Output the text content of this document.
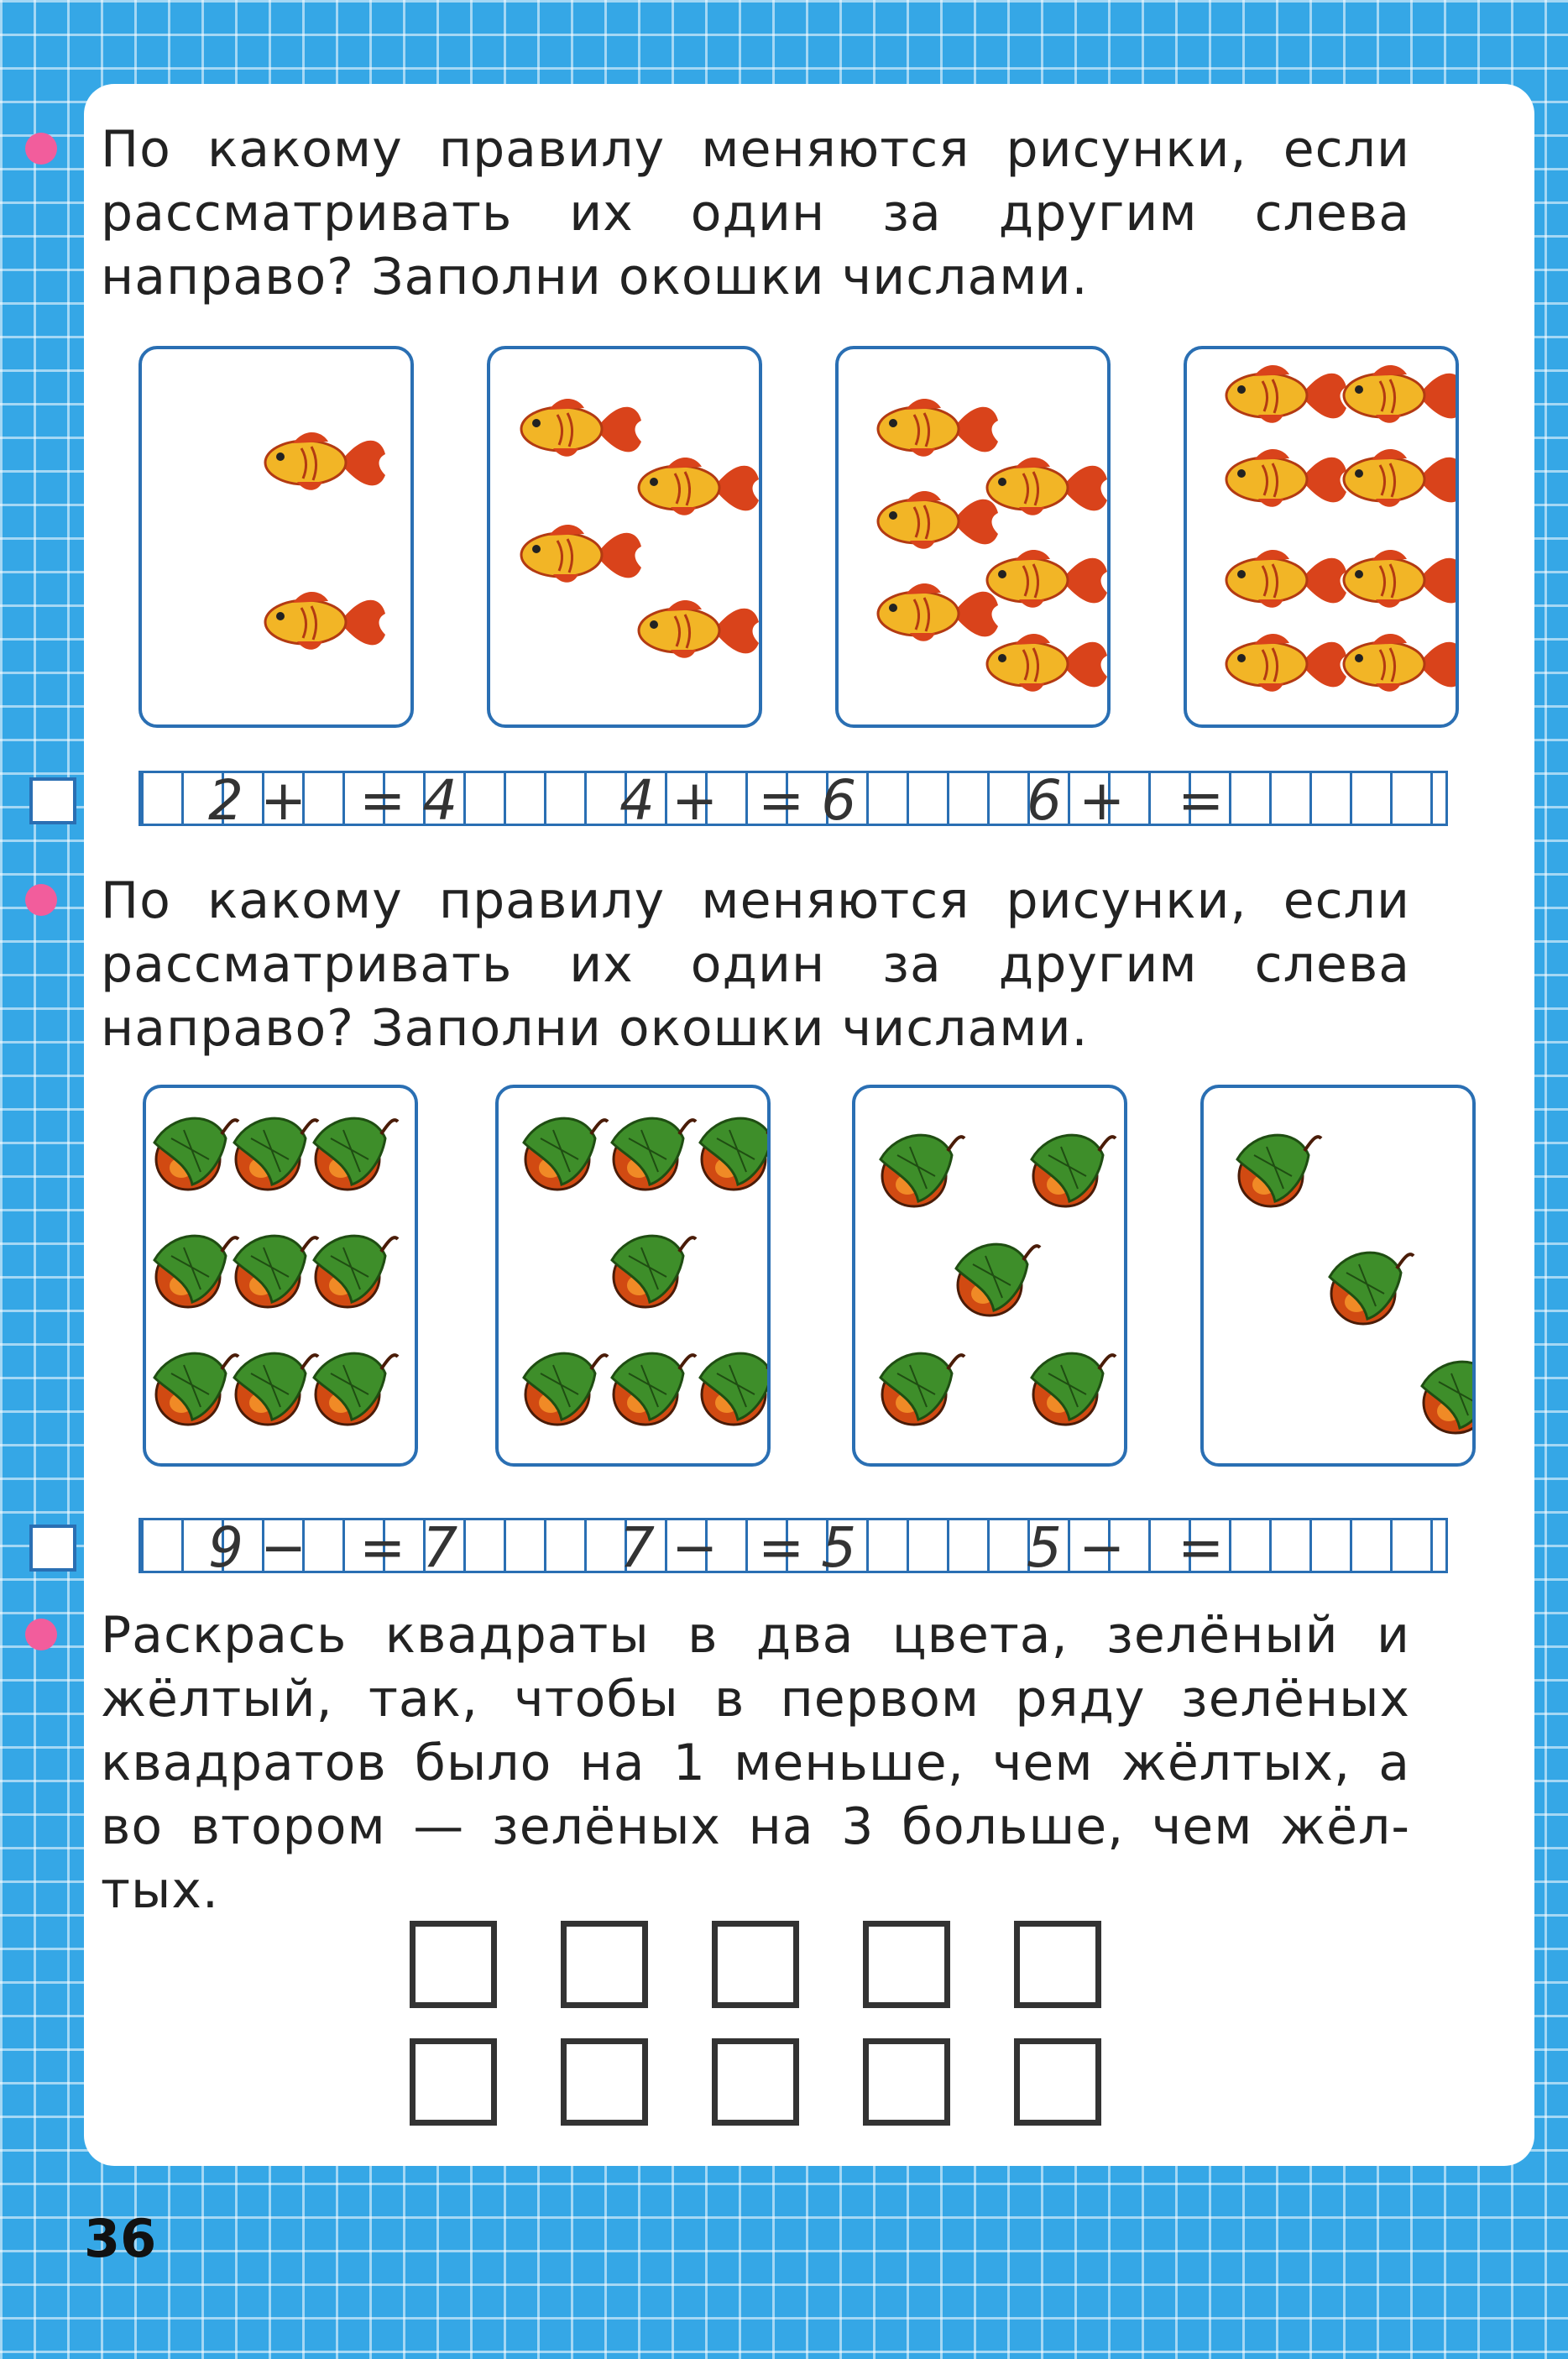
По какому правилу меняются рисунки, если

рассматривать их один за другим слева

направо? Заполни окошки числами.

2+ =4	4+ =6	6+ =

По какому правилу меняются рисунки, если

рассматривать их один за другим слева

направо? Заполни окошки числами.

9− =7	7− =5	5− =

Раскрась квадраты в два цвета, зелёный и

жёлтый, так, чтобы в первом ряду зелёных

квадратов было на 1 меньше, чем жёлтых, а

во втором — зелёных на 3 больше, чем жёл-

тых.

36
